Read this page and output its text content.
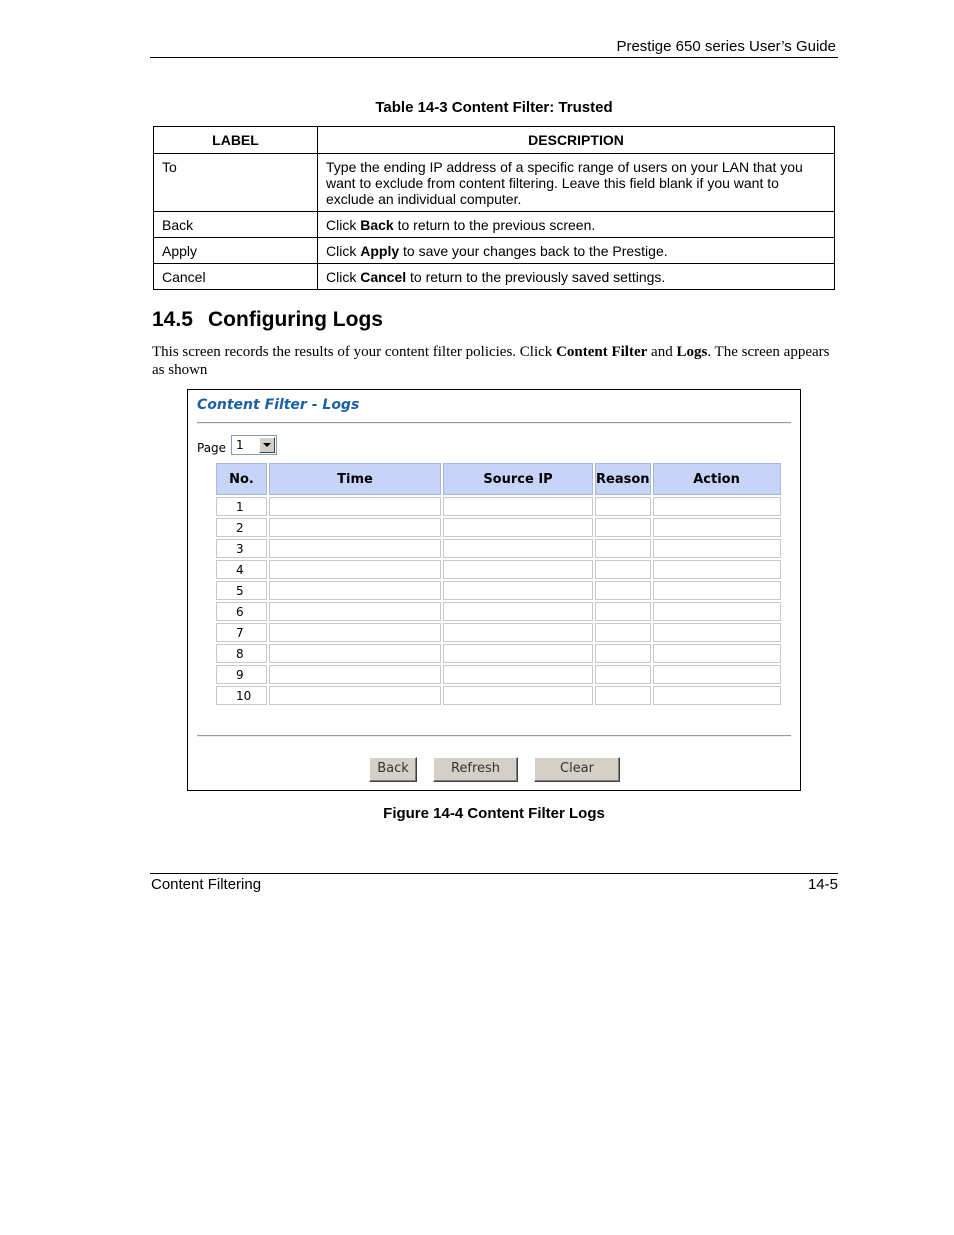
Prestige 650 series User’s Guide
Table 14-3 Content Filter: Trusted
LABEL	DESCRIPTION
To	Type the ending IP address of a specific range of users on your LAN that you want to exclude from content filtering. Leave this field blank if you want to exclude an individual computer.
Back	Click Back to return to the previous screen.
Apply	Click Apply to save your changes back to the Prestige.
Cancel	Click Cancel to return to the previously saved settings.
14.5 Configuring Logs
This screen records the results of your content filter policies. Click Content Filter and Logs. The screen appears as shown
Content Filter - Logs
Page 1
No.	Time	Source IP	Reason	Action
1				
2				
3				
4				
5				
6				
7				
8				
9				
10				
Back	Refresh	Clear
Figure 14-4 Content Filter Logs
Content Filtering	14-5
